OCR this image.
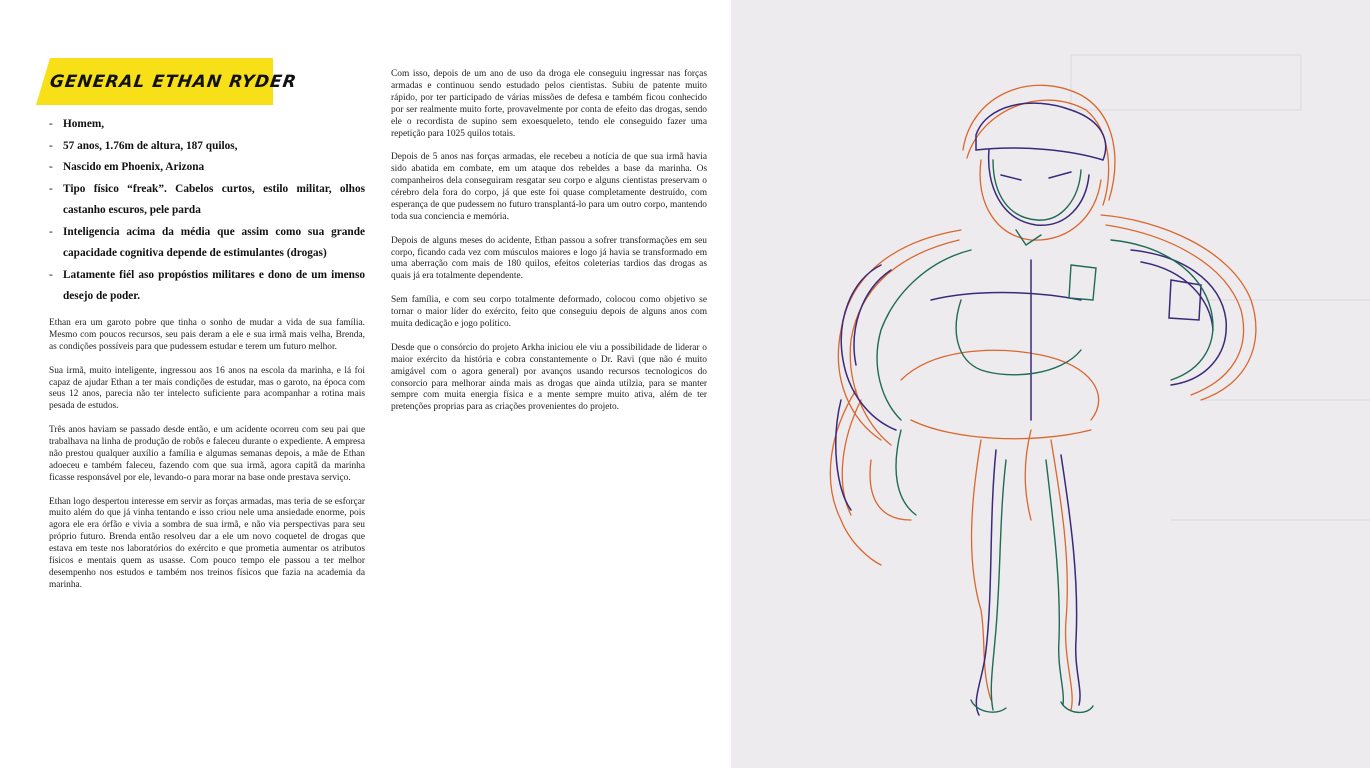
GENERAL ETHAN RYDER
- Homem,
- 57 anos, 1.76m de altura, 187 quilos,
- Nascido em Phoenix, Arizona
- Tipo físico “freak”. Cabelos curtos, estilo militar, olhos castanho escuros, pele parda
- Inteligencia acima da média que assim como sua grande capacidade cognitiva depende de estimulantes (drogas)
- Latamente fiél aso propóstios militares e dono de um imenso desejo de poder.

Ethan era um garoto pobre que tinha o sonho de mudar a vida de sua família. Mesmo com poucos recursos, seu pais deram a ele e sua irmã mais velha, Brenda, as condições possíveis para que pudessem estudar e terem um futuro melhor.

Sua irmã, muito inteligente, ingressou aos 16 anos na escola da marinha, e lá foi capaz de ajudar Ethan a ter mais condições de estudar, mas o garoto, na época com seus 12 anos, parecia não ter intelecto suficiente para acompanhar a rotina mais pesada de estudos.

Três anos haviam se passado desde então, e um acidente ocorreu com seu pai que trabalhava na linha de produção de robôs e faleceu durante o expediente. A empresa não prestou qualquer auxílio a família e algumas semanas depois, a mãe de Ethan adoeceu e também faleceu, fazendo com que sua irmã, agora capitã da marinha ficasse responsável por ele, levando-o para morar na base onde prestava serviço.

Ethan logo despertou interesse em servir as forças armadas, mas teria de se esforçar muito além do que já vinha tentando e isso criou nele uma ansiedade enorme, pois agora ele era órfão e vivia a sombra de sua irmã, e não via perspectivas para seu próprio futuro. Brenda então resolveu dar a ele um novo coquetel de drogas que estava em teste nos laboratórios do exército e que prometia aumentar os atributos físicos e mentais quem as usasse. Com pouco tempo ele passou a ter melhor desempenho nos estudos e também nos treinos físicos que fazia na academia da marinha.

Com isso, depois de um ano de uso da droga ele conseguiu ingressar nas forças armadas e continuou sendo estudado pelos cientistas. Subiu de patente muito rápido, por ter participado de várias missões de defesa e também ficou conhecido por ser realmente muito forte, provavelmente por conta de efeito das drogas, sendo ele o recordista de supino sem exoesqueleto, tendo ele conseguido fazer uma repetição para 1025 quilos totais.

Depois de 5 anos nas forças armadas, ele recebeu a notícia de que sua irmã havia sido abatida em combate, em um ataque dos rebeldes a base da marinha. Os companheiros dela conseguiram resgatar seu corpo e alguns cientistas preservam o cérebro dela fora do corpo, já que este foi quase completamente destruído, com esperança de que pudessem no futuro transplantá-lo para um outro corpo, mantendo toda sua conciencia e memória.

Depois de alguns meses do acidente, Ethan passou a sofrer transformações em seu corpo, ficando cada vez com músculos maiores e logo já havia se transformado em uma aberração com mais de 180 quilos, efeitos coleterias tardios das drogas as quais já era totalmente dependente.

Sem família, e com seu corpo totalmente deformado, colocou como objetivo se tornar o maior líder do exército, feito que conseguiu depois de alguns anos com muita dedicação e jogo político.

Desde que o consórcio do projeto Arkha iniciou ele viu a possibilidade de liderar o maior exército da história e cobra constantemente o Dr. Ravi (que não é muito amigável com o agora general) por avanços usando recursos tecnologicos do consorcio para melhorar ainda mais as drogas que ainda utilzia, para se manter sempre com muita energia física e a mente sempre muito ativa, além de ter pretenções proprias para as criações provenientes do projeto.
